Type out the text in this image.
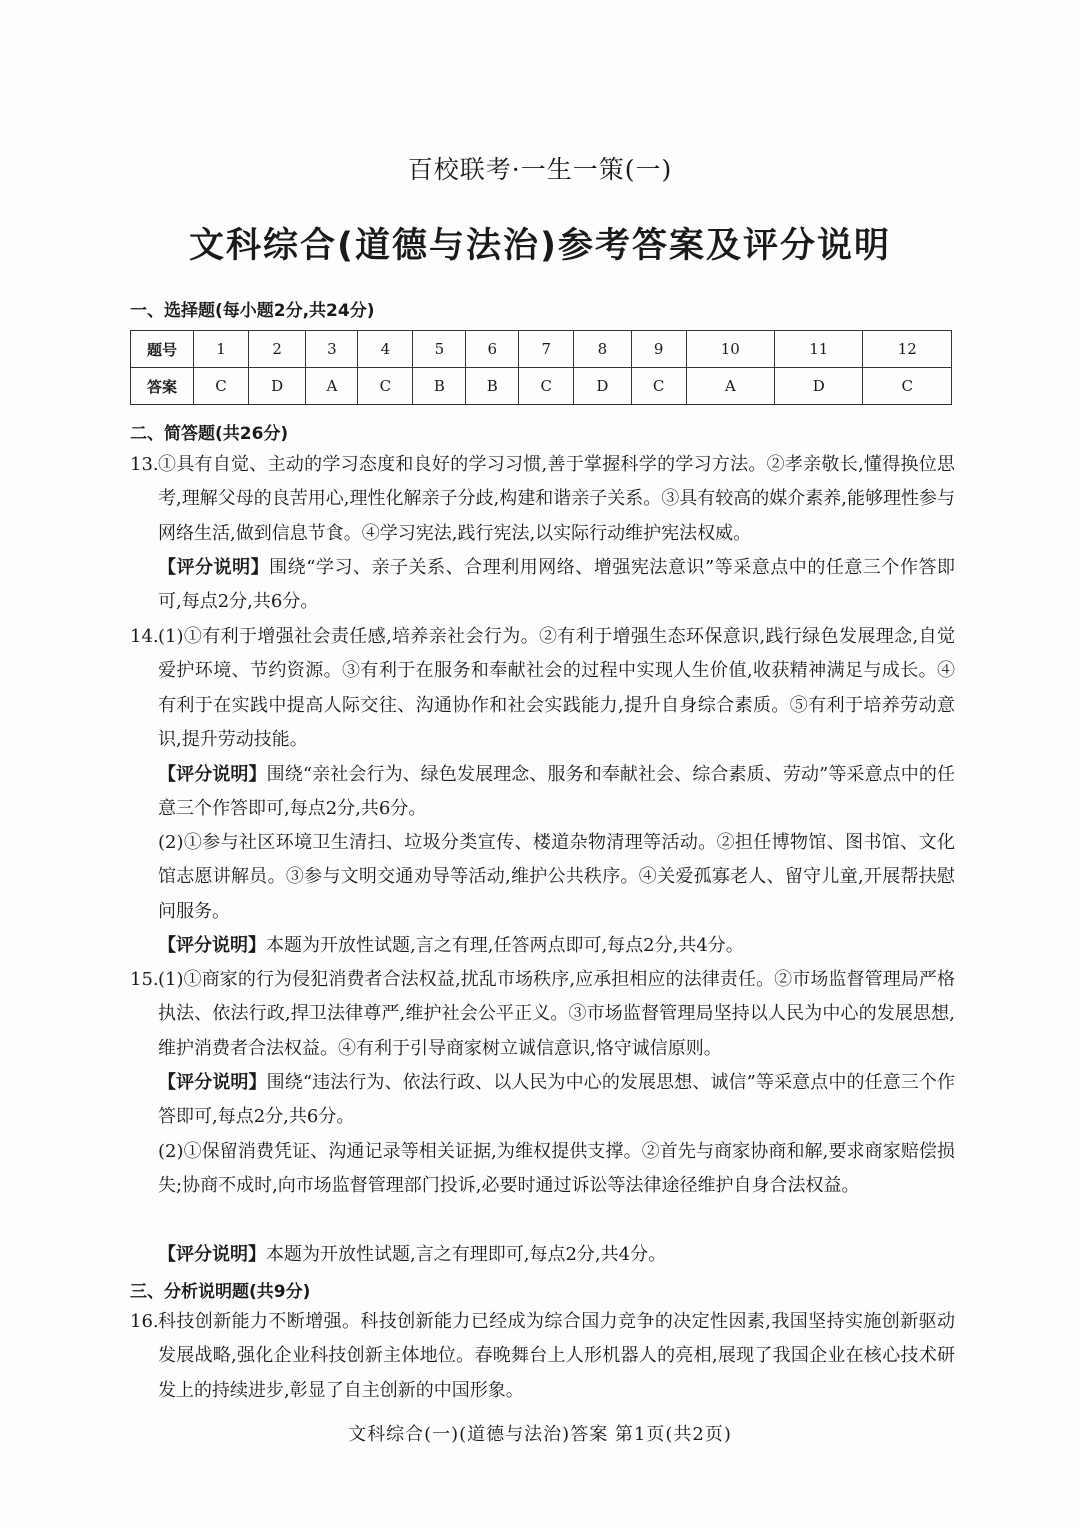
百校联考·一生一策(一)
文科综合(道德与法治)参考答案及评分说明
一、选择题(每小题2分,共24分)
题号	1	2	3	4	5	6	7	8	9	10	11	12
答案	C	D	A	C	B	B	C	D	C	A	D	C
二、简答题(共26分)
13. ①具有自觉、主动的学习态度和良好的学习习惯,善于掌握科学的学习方法。②孝亲敬长,懂得换位思考,理解父母的良苦用心,理性化解亲子分歧,构建和谐亲子关系。③具有较高的媒介素养,能够理性参与网络生活,做到信息节食。④学习宪法,践行宪法,以实际行动维护宪法权威。
【评分说明】围绕“学习、亲子关系、合理利用网络、增强宪法意识”等采意点中的任意三个作答即可,每点2分,共6分。
14. (1)①有利于增强社会责任感,培养亲社会行为。②有利于增强生态环保意识,践行绿色发展理念,自觉爱护环境、节约资源。③有利于在服务和奉献社会的过程中实现人生价值,收获精神满足与成长。④有利于在实践中提高人际交往、沟通协作和社会实践能力,提升自身综合素质。⑤有利于培养劳动意识,提升劳动技能。
【评分说明】围绕“亲社会行为、绿色发展理念、服务和奉献社会、综合素质、劳动”等采意点中的任意三个作答即可,每点2分,共6分。
(2)①参与社区环境卫生清扫、垃圾分类宣传、楼道杂物清理等活动。②担任博物馆、图书馆、文化馆志愿讲解员。③参与文明交通劝导等活动,维护公共秩序。④关爱孤寡老人、留守儿童,开展帮扶慰问服务。
【评分说明】本题为开放性试题,言之有理,任答两点即可,每点2分,共4分。
15. (1)①商家的行为侵犯消费者合法权益,扰乱市场秩序,应承担相应的法律责任。②市场监督管理局严格执法、依法行政,捍卫法律尊严,维护社会公平正义。③市场监督管理局坚持以人民为中心的发展思想,维护消费者合法权益。④有利于引导商家树立诚信意识,恪守诚信原则。
【评分说明】围绕“违法行为、依法行政、以人民为中心的发展思想、诚信”等采意点中的任意三个作答即可,每点2分,共6分。
(2)①保留消费凭证、沟通记录等相关证据,为维权提供支撑。②首先与商家协商和解,要求商家赔偿损失;协商不成时,向市场监督管理部门投诉,必要时通过诉讼等法律途径维护自身合法权益。
【评分说明】本题为开放性试题,言之有理即可,每点2分,共4分。
三、分析说明题(共9分)
16. 科技创新能力不断增强。科技创新能力已经成为综合国力竞争的决定性因素,我国坚持实施创新驱动发展战略,强化企业科技创新主体地位。春晚舞台上人形机器人的亮相,展现了我国企业在核心技术研发上的持续进步,彰显了自主创新的中国形象。
文科综合(一)(道德与法治)答案 第1页(共2页)
